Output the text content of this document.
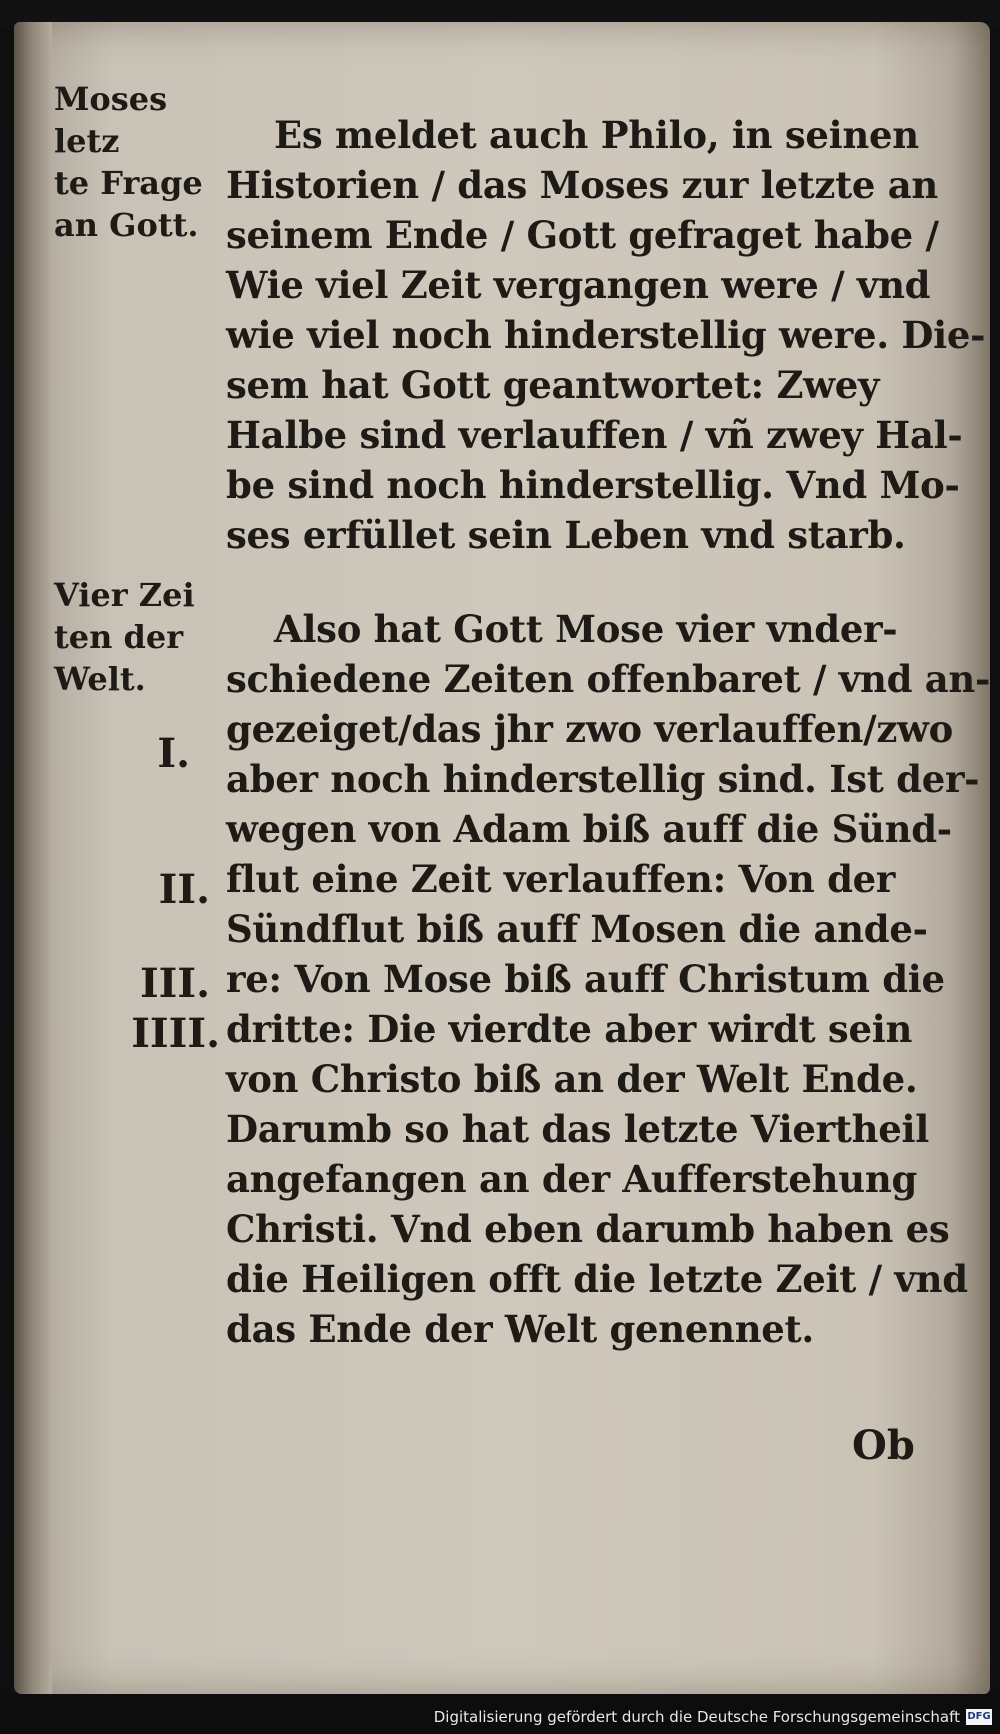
Moses letz
te Frage
an Gott.
Vier Zei
ten der
Welt.
I.
II.
III.
IIII.
Es meldet auch Philo, in seinen
Historien / das Moses zur letzte an
seinem Ende / Gott gefraget habe /
Wie viel Zeit vergangen were / vnd
wie viel noch hinderstellig were. Die-
sem hat Gott geantwortet: Zwey
Halbe sind verlauffen / vñ zwey Hal-
be sind noch hinderstellig. Vnd Mo-
ses erfüllet sein Leben vnd starb.
Also hat Gott Mose vier vnder-
schiedene Zeiten offenbaret / vnd an-
gezeiget/das jhr zwo verlauffen/zwo
aber noch hinderstellig sind. Ist der-
wegen von Adam biß auff die Sünd-
flut eine Zeit verlauffen: Von der
Sündflut biß auff Mosen die ande-
re: Von Mose biß auff Christum die
dritte: Die vierdte aber wirdt sein
von Christo biß an der Welt Ende.
Darumb so hat das letzte Viertheil
angefangen an der Aufferstehung
Christi. Vnd eben darumb haben es
die Heiligen offt die letzte Zeit / vnd
das Ende der Welt genennet.
Ob
Digitalisierung gefördert durch die Deutsche Forschungsgemeinschaft DFG
